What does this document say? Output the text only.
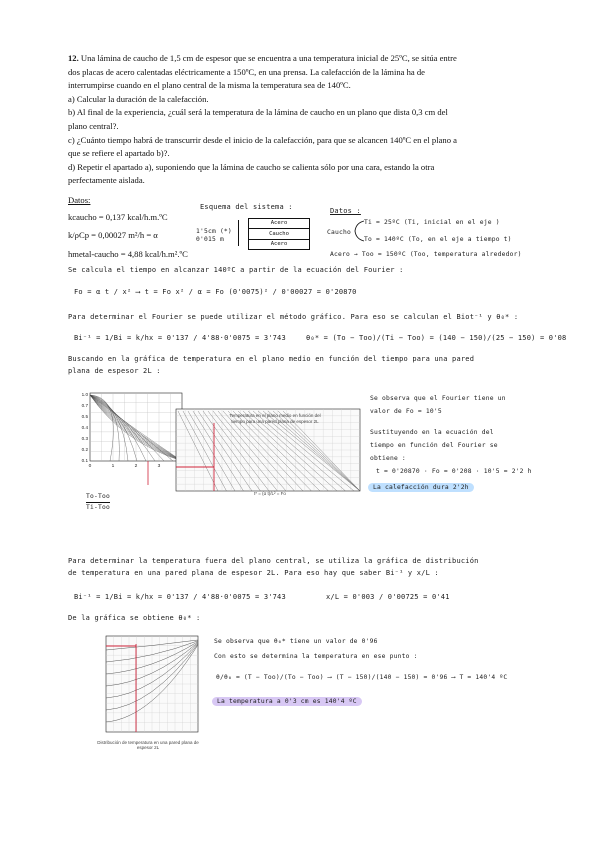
12. Una lámina de caucho de 1,5 cm de espesor que se encuentra a una temperatura inicial de 25ºC, se sitúa entre
dos placas de acero calentadas eléctricamente a 150ºC, en una prensa. La calefacción de la lámina ha de
interrumpirse cuando en el plano central de la misma la temperatura sea de 140ºC.
a) Calcular la duración de la calefacción.
b) Al final de la experiencia, ¿cuál será la temperatura de la lámina de caucho en un plano que dista 0,3 cm del
plano central?.
c) ¿Cuánto tiempo habrá de transcurrir desde el inicio de la calefacción, para que se alcancen 140ºC en el plano a
que se refiere el apartado b)?.
d) Repetir el apartado a), suponiendo que la lámina de caucho se calienta sólo por una cara, estando la otra
perfectamente aislada.
Datos:
kcaucho = 0,137 kcal/h.m.ºC
k/ρCp = 0,00027 m²/h = α
hmetal-caucho = 4,88 kcal/h.m².ºC
Esquema del sistema :
1'5cm (*)
0'015 m
Acero
Caucho
Acero
Datos :
Caucho
Ti = 25ºC (Ti, inicial en el eje )
To = 140ºC (To, en el eje a tiempo t)
Acero → Too = 150ºC (Too, temperatura alrededor)
Se calcula el tiempo en alcanzar 140ºC a partir de la ecuación del Fourier :
Fo = α t / x² ⟶ t = Fo x² / α = Fo (0'0075)² / 0'00027 = 0'20870
Para determinar el Fourier se puede utilizar el método gráfico. Para eso se calculan el Biot⁻¹ y θ₀* :
Bi⁻¹ = 1/Bi = k/hx = 0'137 / 4'88·0'0075 = 3'743	θ₀* = (To − Too)/(Ti − Too) = (140 − 150)/(25 − 150) = 0'08
Buscando en la gráfica de temperatura en el plano medio en función del tiempo para una pared
plana de espesor 2L :
1.0
0.7
0.5
0.4
0.3
0.2
0.1
0	1	2	3
Temperatura en el plano medio en función del
tiempo para una pared plana de espesor 2L
t* = (α t)/L² = Fo
To-Too
Ti-Too
Se observa que el Fourier tiene un
valor de Fo = 10'5
Sustituyendo en la ecuación del
tiempo en función del Fourier se
obtiene :
t = 0'20870 · Fo = 0'208 · 10'5 = 2'2 h
La calefacción dura 2'2h
Para determinar la temperatura fuera del plano central, se utiliza la gráfica de distribución
de temperatura en una pared plana de espesor 2L. Para eso hay que saber Bi⁻¹ y x/L :
Bi⁻¹ = 1/Bi = k/hx = 0'137 / 4'88·0'0075 = 3'743	x/L = 0'003 / 0'00725 = 0'41
De la gráfica se obtiene θ₀* :
Distribución de temperatura en una pared plana de espesor 2L
Se observa que θ₀* tiene un valor de 0'96
Con esto se determina la temperatura en ese punto :
θ/θ₀ = (T − Too)/(To − Too) ⟶ (T − 150)/(140 − 150) = 0'96 ⟶ T = 140'4 ºC
La temperatura a 0'3 cm es 140'4 ºC
